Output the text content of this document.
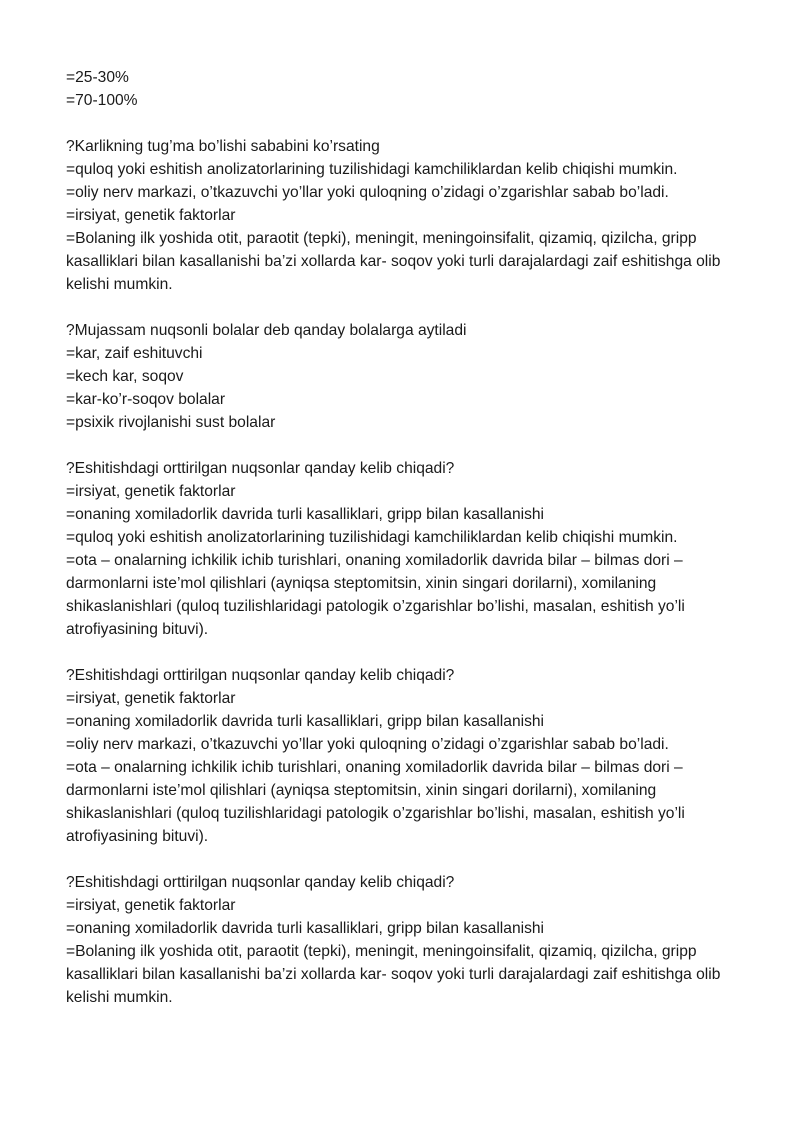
=25-30%
=70-100%
?Karlikning tug’ma bo’lishi sababini ko’rsating
=quloq yoki eshitish anolizatorlarining tuzilishidagi kamchiliklardan kelib chiqishi mumkin.
=oliy nerv markazi, o’tkazuvchi yo’llar yoki quloqning o’zidagi o’zgarishlar sabab bo’ladi.
=irsiyat, genetik faktorlar
=Bolaning ilk yoshida otit, paraotit (tepki), meningit, meningoinsifalit, qizamiq, qizilcha, gripp kasalliklari bilan kasallanishi ba’zi xollarda kar- soqov yoki turli darajalardagi zaif eshitishga olib kelishi mumkin.
?Mujassam nuqsonli bolalar deb qanday bolalarga aytiladi
=kar, zaif eshituvchi
=kech kar, soqov
=kar-ko’r-soqov bolalar
=psixik rivojlanishi sust bolalar
?Eshitishdagi orttirilgan nuqsonlar qanday kelib chiqadi?
=irsiyat, genetik faktorlar
=onaning xomiladorlik davrida turli kasalliklari, gripp bilan kasallanishi
=quloq yoki eshitish anolizatorlarining tuzilishidagi kamchiliklardan kelib chiqishi mumkin.
=ota – onalarning ichkilik ichib turishlari, onaning xomiladorlik davrida bilar – bilmas dori – darmonlarni iste’mol qilishlari (ayniqsa steptomitsin, xinin singari dorilarni), xomilaning shikaslanishlari (quloq tuzilishlaridagi patologik o’zgarishlar bo’lishi, masalan, eshitish yo’li atrofiyasining bituvi).
?Eshitishdagi orttirilgan nuqsonlar qanday kelib chiqadi?
=irsiyat, genetik faktorlar
=onaning xomiladorlik davrida turli kasalliklari, gripp bilan kasallanishi
=oliy nerv markazi, o’tkazuvchi yo’llar yoki quloqning o’zidagi o’zgarishlar sabab bo’ladi.
=ota – onalarning ichkilik ichib turishlari, onaning xomiladorlik davrida bilar – bilmas dori – darmonlarni iste’mol qilishlari (ayniqsa steptomitsin, xinin singari dorilarni), xomilaning shikaslanishlari (quloq tuzilishlaridagi patologik o’zgarishlar bo’lishi, masalan, eshitish yo’li atrofiyasining bituvi).
?Eshitishdagi orttirilgan nuqsonlar qanday kelib chiqadi?
=irsiyat, genetik faktorlar
=onaning xomiladorlik davrida turli kasalliklari, gripp bilan kasallanishi
=Bolaning ilk yoshida otit, paraotit (tepki), meningit, meningoinsifalit, qizamiq, qizilcha, gripp kasalliklari bilan kasallanishi ba’zi xollarda kar- soqov yoki turli darajalardagi zaif eshitishga olib kelishi mumkin.
